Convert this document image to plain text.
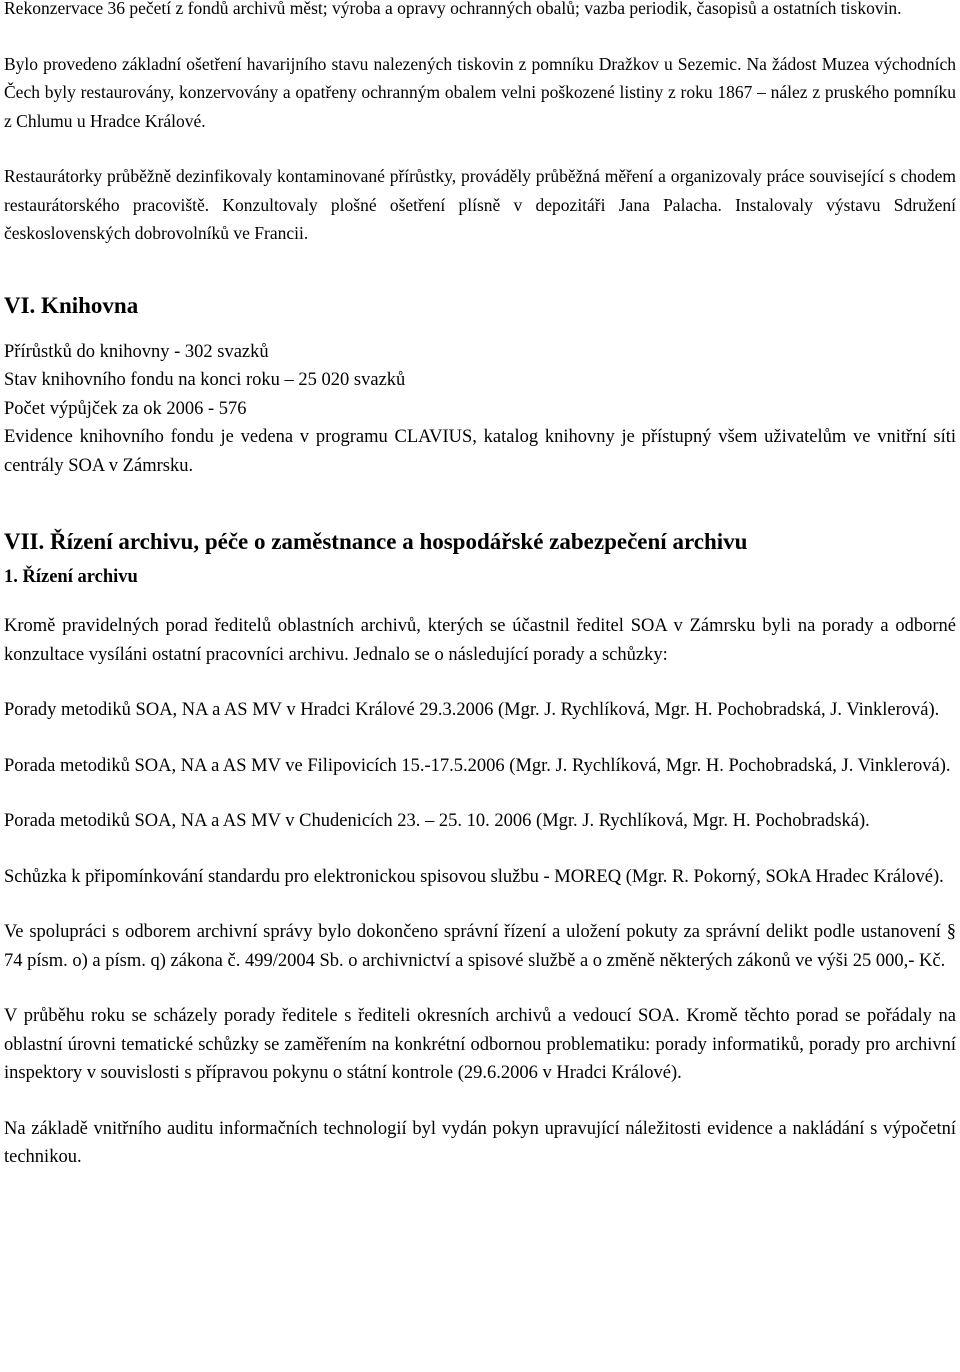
Rekonzervace 36 pečetí z fondů archivů měst; výroba a opravy ochranných obalů; vazba periodik, časopisů a ostatních tiskovin.

Bylo provedeno základní ošetření havarijního stavu nalezených tiskovin z pomníku Dražkov u Sezemic. Na žádost Muzea východních Čech byly restaurovány, konzervovány a opatřeny ochranným obalem velni poškozené listiny z roku 1867 – nález z pruského pomníku z Chlumu u Hradce Králové.

Restaurátorky průběžně dezinfikovaly kontaminované přírůstky, prováděly průběžná měření a organizovaly práce související s chodem restaurátorského pracoviště. Konzultovaly plošné ošetření plísně v depozitáři Jana Palacha. Instalovaly výstavu Sdružení československých dobrovolníků ve Francii.

VI. Knihovna
Přírůstků do knihovny - 302 svazků
Stav knihovního fondu na konci roku – 25 020 svazků
Počet výpůjček za ok 2006 - 576

Evidence knihovního fondu je vedena v programu CLAVIUS, katalog knihovny je přístupný všem uživatelům ve vnitřní síti centrály SOA v Zámrsku.

VII. Řízení archivu, péče o zaměstnance a hospodářské zabezpečení archivu
1. Řízení archivu

Kromě pravidelných porad ředitelů oblastních archivů, kterých se účastnil ředitel SOA v Zámrsku byli na porady a odborné konzultace vysíláni ostatní pracovníci archivu. Jednalo se o následující porady a schůzky:

Porady metodiků SOA, NA a AS MV v Hradci Králové 29.3.2006 (Mgr. J. Rychlíková, Mgr. H. Pochobradská, J. Vinklerová).

Porada metodiků SOA, NA a AS MV ve Filipovicích 15.-17.5.2006 (Mgr. J. Rychlíková, Mgr. H. Pochobradská, J. Vinklerová).

Porada metodiků SOA, NA a AS MV v Chudenicích 23. – 25. 10. 2006 (Mgr. J. Rychlíková, Mgr. H. Pochobradská).

Schůzka k připomínkování standardu pro elektronickou spisovou službu - MOREQ (Mgr. R. Pokorný, SOkA Hradec Králové).

Ve spolupráci s odborem archivní správy bylo dokončeno správní řízení a uložení pokuty za správní delikt podle ustanovení § 74 písm. o) a písm. q) zákona č. 499/2004 Sb. o archivnictví a spisové službě a o změně některých zákonů ve výši 25 000,- Kč.

V průběhu roku se scházely porady ředitele s řediteli okresních archivů a vedoucí SOA. Kromě těchto porad se pořádaly na oblastní úrovni tematické schůzky se zaměřením na konkrétní odbornou problematiku: porady informatiků, porady pro archivní inspektory v souvislosti s přípravou pokynu o státní kontrole (29.6.2006 v Hradci Králové).

Na základě vnitřního auditu informačních technologií byl vydán pokyn upravující náležitosti evidence a nakládání s výpočetní technikou.
